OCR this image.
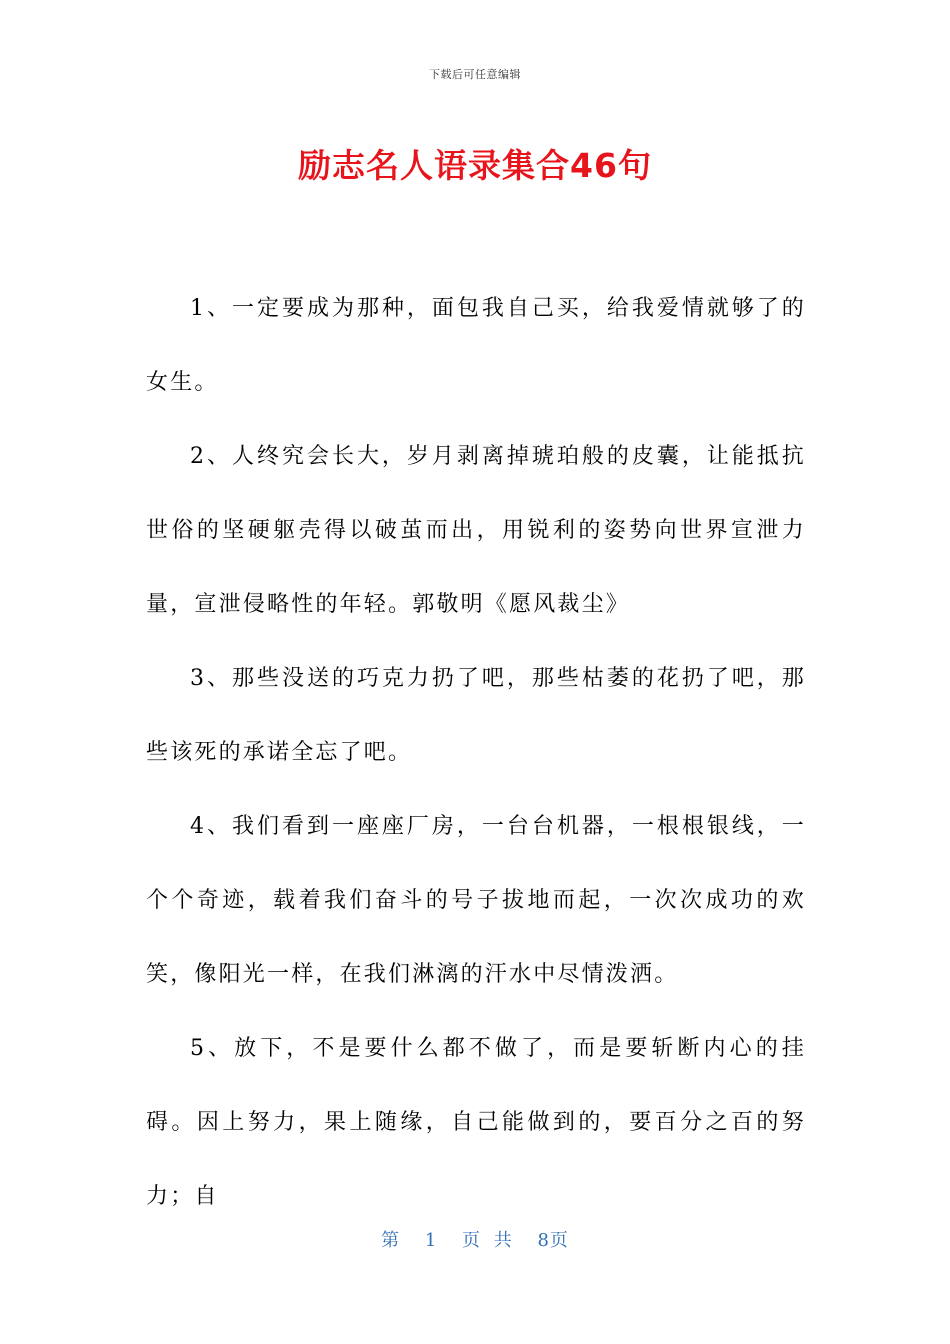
下载后可任意编辑
励志名人语录集合46句

1、一定要成为那种，面包我自己买，给我爱情就够了的女生。

2、人终究会长大，岁月剥离掉琥珀般的皮囊，让能抵抗世俗的坚硬躯壳得以破茧而出，用锐利的姿势向世界宣泄力量，宣泄侵略性的年轻。郭敬明《愿风裁尘》

3、那些没送的巧克力扔了吧，那些枯萎的花扔了吧，那些该死的承诺全忘了吧。

4、我们看到一座座厂房，一台台机器，一根根银线，一个个奇迹，载着我们奋斗的号子拔地而起，一次次成功的欢笑，像阳光一样，在我们淋漓的汗水中尽情泼洒。

5、放下，不是要什么都不做了，而是要斩断内心的挂碍。因上努力，果上随缘，自己能做到的，要百分之百的努力；自

第 1 页 共 8页
